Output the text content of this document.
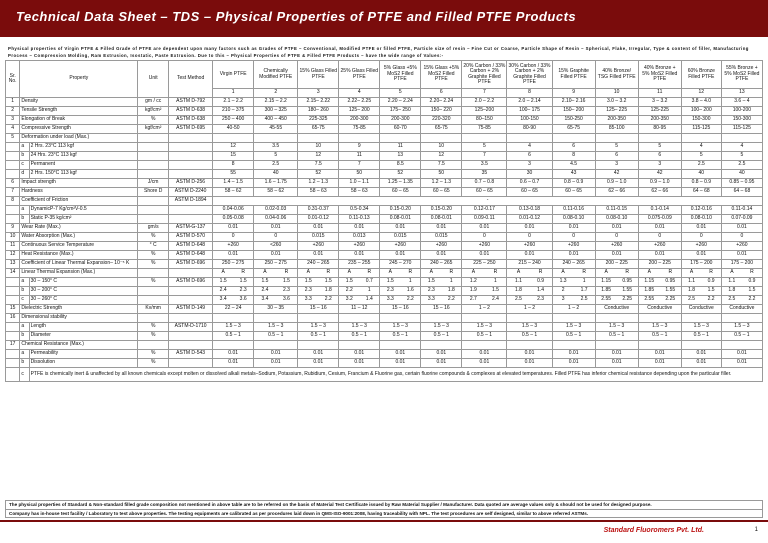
Technical Data Sheet – TDS – Physical Properties of PTFE and Filled PTFE Products
Physical properties of Virgin PTFE & Filled Grade of PTFE are dependent upon many factors such as Grades of PTFE – Conventional, Modified PTFE or filled PTFE, Particle size of resin – Fine Cut or Coarse, Particle Shape of Resin – Spherical, Flake, Irregular, Type & content of filler, Manufacturing Process – Compression Molding, Ram Extrusion, Isostatic, Paste Extrusion. Due to this – Physical Properties of PTFE & Filled PTFE Products – have the wide range of Values:-
Sr. No.	Property		Unit	Test Method	Virgin PTFE	Chemically Modified PTFE	15% Glass Filled PTFE	25% Glass Filled PTFE	5% Glass +5% MoS2 Filled PTFE	15% Glass +5% MoS2 Filled PTFE	20% Carbon / 33% Carbon + 2% Graphite Filled PTFE	30% Carbon / 33% Carbon + 2% Graphite Filled PTFE	15% Graphite Filled PTFE	40% Bronze/ TSG Filled PTFE	40% Bronze + 5% MoS2 Filled PTFE	60% Bronze Filled PTFE	55% Bronze + 5% MoS2 Filled PTFE
					1	2	3	4	5	6	7	8	9	10	11	12	13
1	Density		gm / cc	ASTM D-792	2.1 – 2.2	2.15 – 2.2	2.15– 2.22	2.22– 2.25	2.20 – 2.24	2.20– 2.24	2.0 – 2.2	2.0 – 2.14	2.10– 2.16	3.0 – 3.2	3 – 3.2	3.8 – 4.0	3.6 – 4
2	Tensile Strength		kgf/cm²	ASTM D-638	210 – 375	300 – 325	180– 260	125– 200	175– 250	150– 220	125–200	100– 175	150– 200	125– 225	125-225	100– 200	100-200
3	Elongation of Break		%	ASTM D-638	250 – 400	400 – 450	225-325	200-300	200-300	220-320	80–150	100-150	150-250	200-350	200-350	150-300	150-300
4	Compressive Strength		kgf/cm²	ASTM D-695	40-50	45-55	65-75	75-85	60-70	65-75	75-85	80-90	65-75	85-100	80-95	115-125	115-125
5	Deformation under load (Max.)																
	a	2 Hrs. 23°C 113 kgf			12	3.5	10	9	11	10	5	4	6	5	5	4	4
	b	24 Hrs. 23°C 113 kgf			15	5	12	11	13	12	7	6	8	6	6	5	5
	c	Permanent			8	2.5	7.5	7	8.5	7.5	3.5	3	4.5	3	3	2.5	2.5
	d	2 Hrs. 150°C 113 kgf			55	40	52	50	52	50	35	30	43	42	42	40	40
6	Impact strength		J/cm	ASTM D-256	1.4 – 1.5	1.6 – 1.75	1.2 – 1.3	1.0 – 1.1	1.25 – 1.35	1.2 – 1.3	0.7 – 0.8	0.6 – 0.7	0.8 – 0.9	0.9 – 1.0	0.9 – 1.0	0.8 – 0.9	0.85 – 0.95
7	Hardness		Shore D	ASTM D-2240	58 – 62	58 – 62	58 – 63	58 – 63	60 – 65	60 – 65	60 – 65	60 – 65	60 – 65	62 – 66	62 – 66	64 – 68	64 – 68
8	Coefficient of Friction			ASTM D-1894	-												
	a	DynamicP-7 Kg/cm²V-0.5			0.04-0.06	0.02-0.03	0.31-0.37	0.5-0.34	0.15-0.20	0.15-0.20	0.12-0.17	0.13-0.18	0.11-0.16	0.11-0.15	0.1-0.14	0.12-0.16	0.11-0.14
	b	Static P-35 kg/cm²			0.05-0.08	0.04-0.06	0.01-0.12	0.11-0.13	0.08-0.01	0.08-0.01	0.09-0.11	0.01-0.12	0.08-0.10	0.08-0.10	0.075-0.09	0.08-0.10	0.07-0.09
9	Wear Rate (Max.)		gm/s	ASTM-G-137	0.01	0.01	0.01	0.01	0.01	0.01	0.01	0.01	0.01	0.01	0.01	0.01	0.01
10	Water Absorption (Max.)		%	ASTM D-570	0	0	0.015	0.013	0.015	0.015	0	0	0	0	0	0	0
11	Continuous Service Temperature		° C	ASTM D-648	+260	<260	+260	+260	+260	+260	+260	+260	+260	+260	+260	+260	+260
12	Heat Resistance (Max.)		%	ASTM D-648	0.01	0.01	0.01	0.01	0.01	0.01	0.01	0.01	0.01	0.01	0.01	0.01	0.01
13	Coefficient of Linear Thermal Expansion– 10⁻⁵ K		%	ASTM D-696	250 – 275	250 – 275	240 – 265	235 – 255	245 – 270	240 – 265	225 – 250	215 – 240	240 – 265	200 – 225	200 – 225	175 – 200	175 – 200
14	Linear Thermal Expansion (Max.)				A R	A R	A R	A R	A R	A R	A R	A R	A R	A R	A R	A R	A R
	a	30 – 150° C	%	ASTM D-696	1.5 1.5	1.5 1.5	1.5 1.5	1.5 0.7	1.5 1	1.5 1	1.2 1	1.1 0.9	1.3 1	1.15 0.95	1.15 0.95	1.1 0.9	1.1 0.9
	b	30 – 200° C			2.4 2.3	2.4 2.3	2.3 1.8	2.2 1	2.3 1.6	2.3 1.8	1.9 1.5	1.8 1.4	2 1.7	1.85 1.55	1.85 1.55	1.8 1.5	1.8 1.5
	c	30 – 260° C			3.4 3.6	3.4 3.6	3.3 2.2	3.2 1.4	3.3 2.2	3.3 2.2	2.7 2.4	2.5 2.3	3 2.5	2.55 2.25	2.55 2.25	2.5 2.2	2.5 2.2
15	Dielectric Strength		Kv/mm	ASTM D-149	22 – 24	30 – 35	15 – 16	11 – 12	15 – 16	15 – 16	1 – 2	1 – 2	1 – 2	Conductive	Conductive	Conductive	Conductive
16	Dimensional stability																
	a	Length	%	ASTM-D-1710	1.5 – 3	1.5 – 3	1.5 – 3	1.5 – 3	1.5 – 3	1.5 – 3	1.5 – 3	1.5 – 3	1.5 – 3	1.5 – 3	1.5 – 3	1.5 – 3	1.5 – 3
	b	Diameter	%		0.5 – 1	0.5 – 1	0.5 – 1	0.5 – 1	0.5 – 1	0.5 – 1	0.5 – 1	0.5 – 1	0.5 – 1	0.5 – 1	0.5 – 1	0.5 – 1	0.5 – 1
17	Chemical Resistance (Max.)																
	a	Permeability	%	ASTM D-543	0.01	0.01	0.01	0.01	0.01	0.01	0.01	0.01	0.01	0.01	0.01	0.01	0.01
	b	Dissolution	%		0.01	0.01	0.01	0.01	0.01	0.01	0.01	0.01	0.01	0.01	0.01	0.01	0.01
	c	PTFE is chemically inert & unaffected by all known chemicals except molten or dissolved alkali metals–Sodium, Potassium, Rubidium, Cesium, Francium & Fluorine gas, certain fluorine compounds & complexes at elevated temperatures. Filled PTFE has inferior chemical resistance depending upon the particular filler.															
The physical properties of Standard & Non-standard filled grade composition not mentioned in above table are to be referred on the basis of Material Test Certificate issued by Raw Material Supplier / Manufacturer. Data quoted are average values only & should not be used for designed purpose.
Company has in-house test facility / Laboratory to test above properties. The testing equipments are calibrated as per procedures laid down in QMS-ISO-9001:2008, having traceability with NPL. The test procedures are self designed, similar to above referred ASTMs.
Standard Fluoromers Pvt. Ltd.	1
